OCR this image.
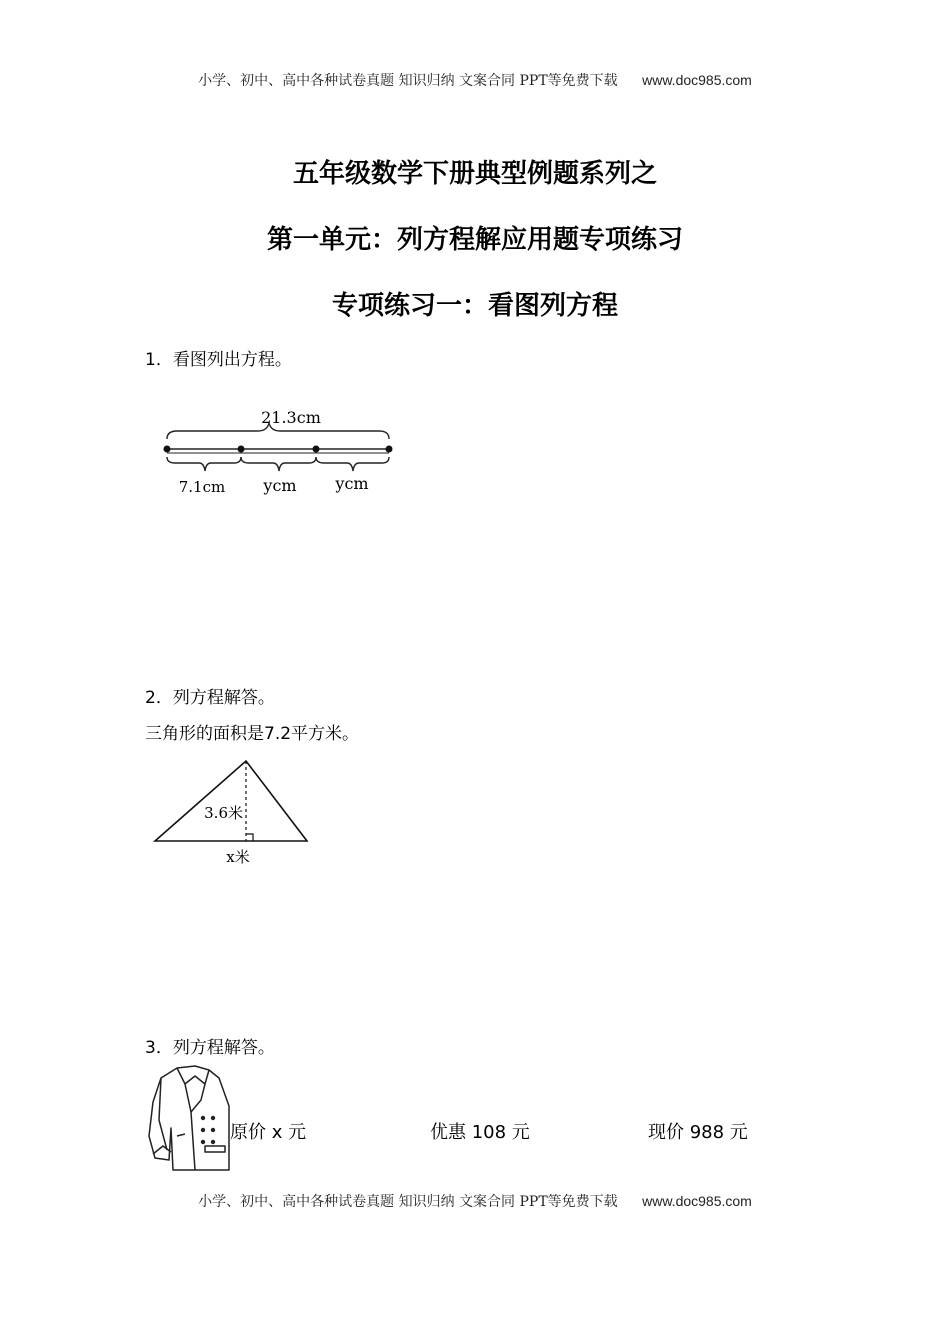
小学、初中、高中各种试卷真题 知识归纳 文案合同 PPT等免费下载 www.doc985.com
五年级数学下册典型例题系列之
第一单元：列方程解应用题专项练习
专项练习一：看图列方程
1．看图列出方程。
21.3cm
7.1cm ycm ycm
2．列方程解答。
三角形的面积是7.2平方米。
3.6米
x米
3．列方程解答。
原价 x 元	优惠 108 元	现价 988 元
小学、初中、高中各种试卷真题 知识归纳 文案合同 PPT等免费下载 www.doc985.com
